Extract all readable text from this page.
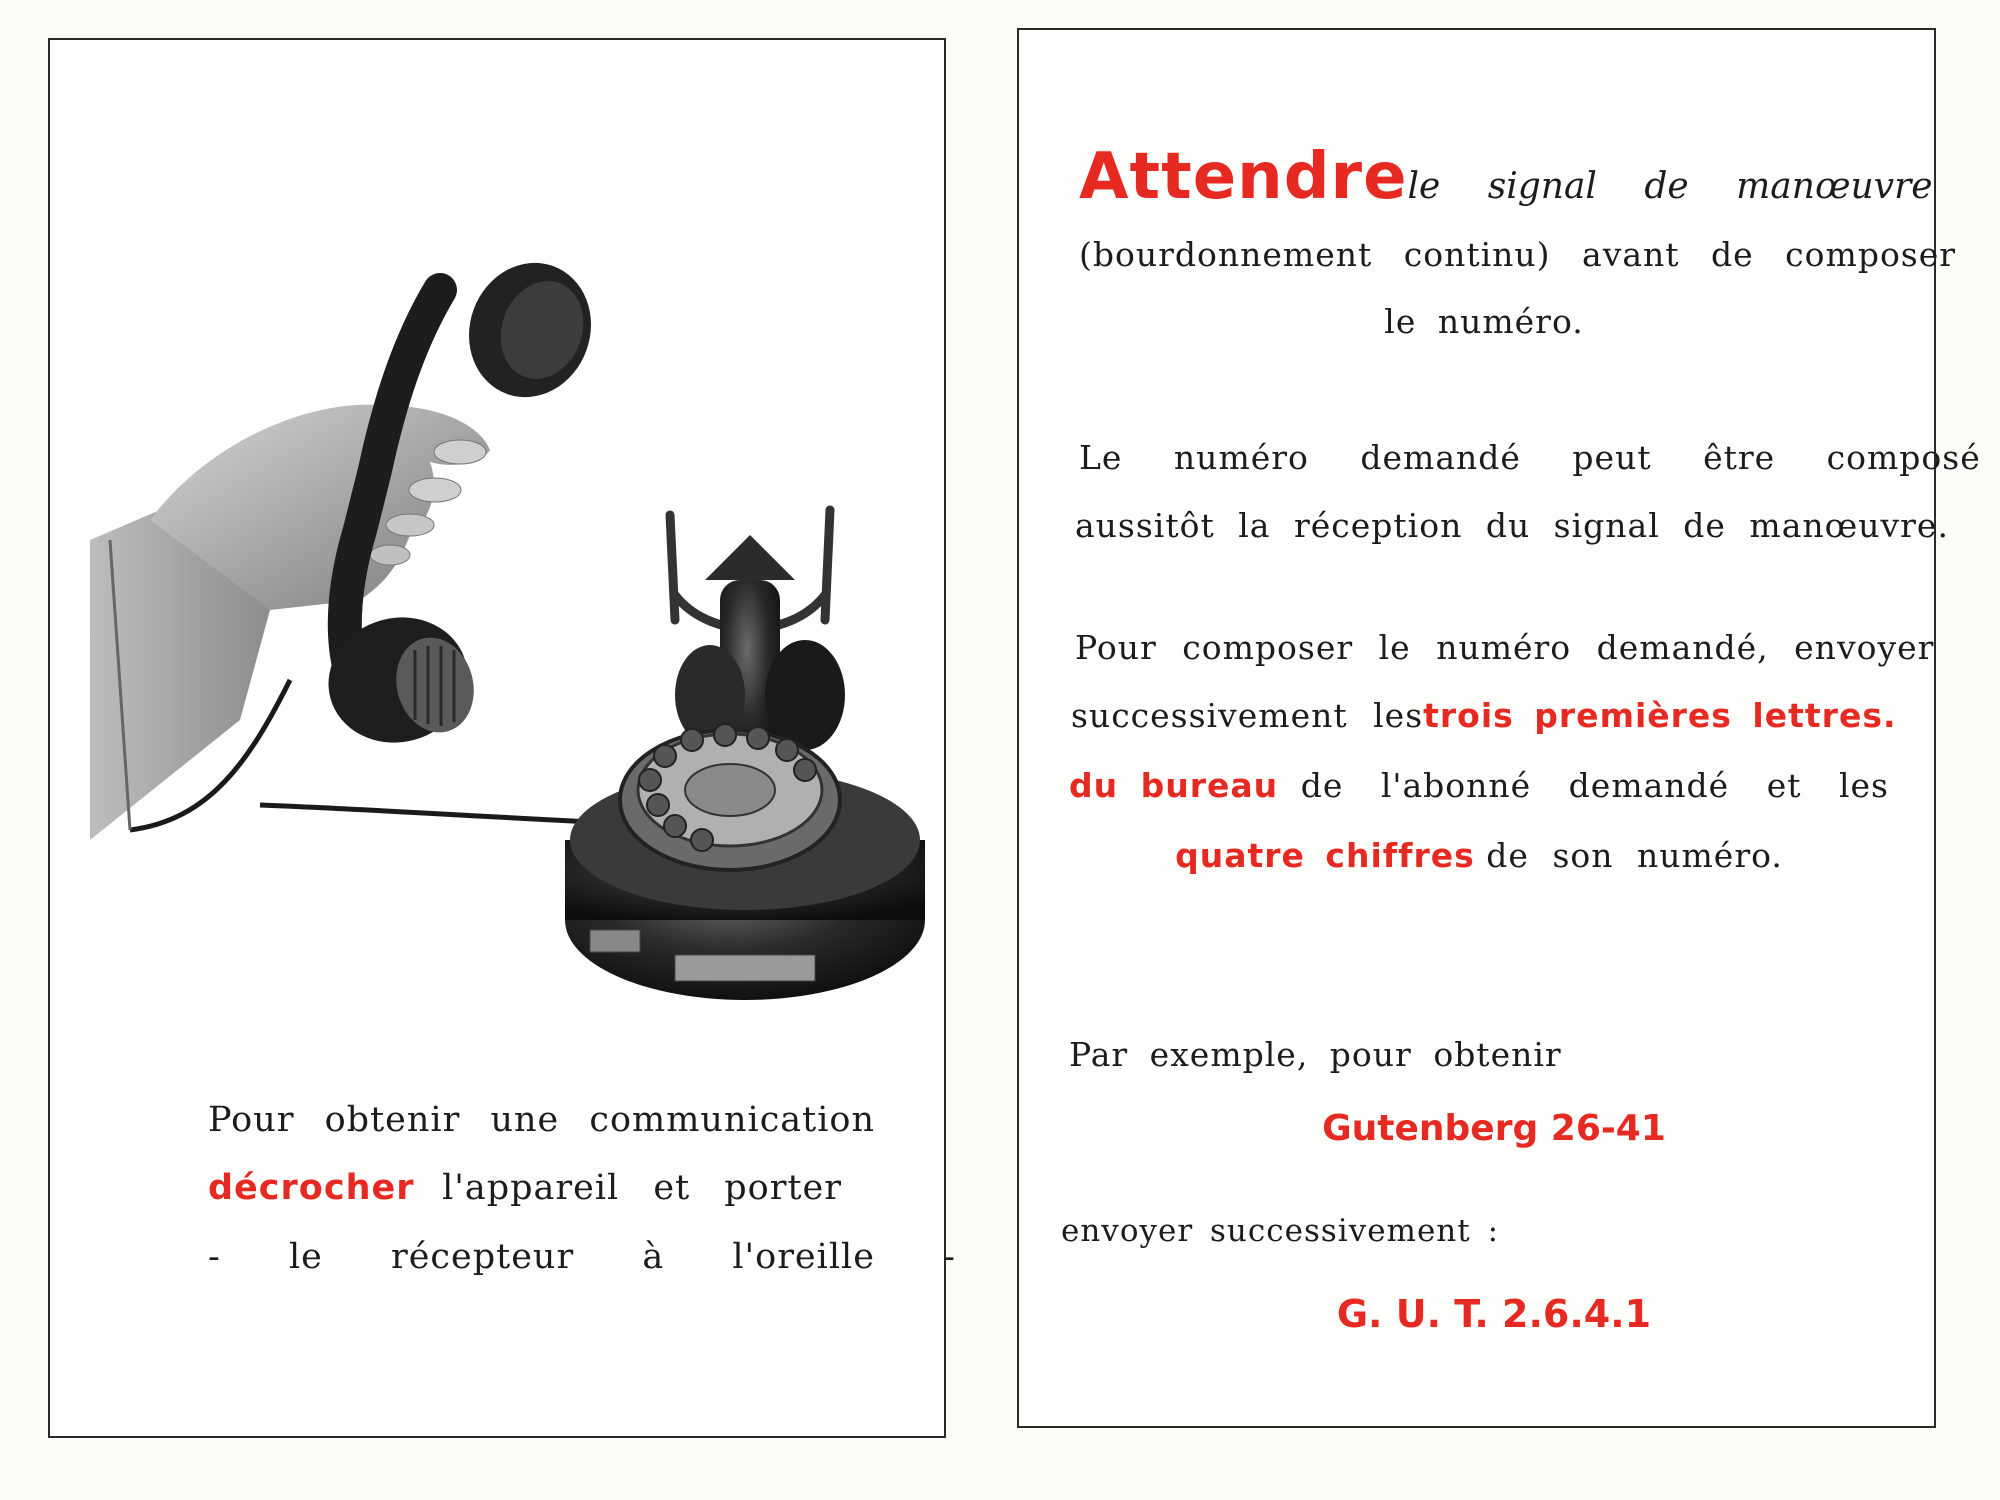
Pour obtenir une communication
décrocher l'appareil et porter
- le récepteur à l'oreille -
Attendre le signal de manœuvre
(bourdonnement continu) avant de composer
le numéro.
Le numéro demandé peut être composé
aussitôt la réception du signal de manœuvre.
Pour composer le numéro demandé, envoyer
successivement les trois premières lettres.
du bureau de l'abonné demandé et les
quatre chiffres de son numéro.
Par exemple, pour obtenir
Gutenberg 26-41
envoyer successivement :
G. U. T. 2.6.4.1
